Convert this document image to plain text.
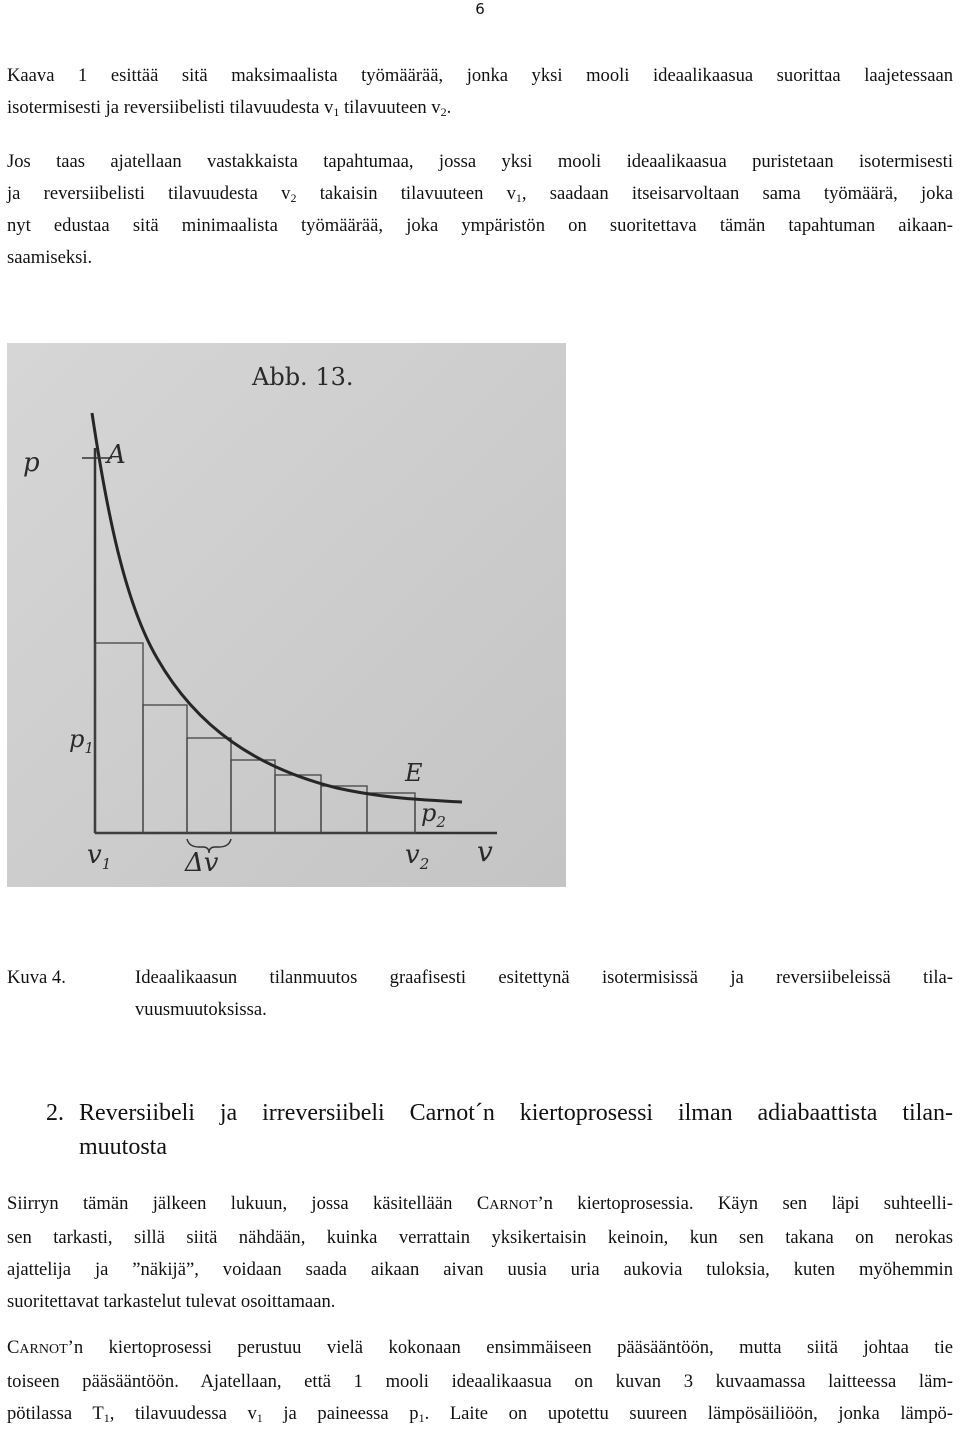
6
Kaava 1 esittää sitä maksimaalista työmäärää, jonka yksi mooli ideaalikaasua suorittaa laajetessaan
isotermisesti ja reversiibelisti tilavuudesta $v_1$ tilavuuteen $v_2$.
Jos taas ajatellaan vastakkaista tapahtumaa, jossa yksi mooli ideaalikaasua puristetaan isotermisesti
ja reversiibelisti tilavuudesta $v_2$ takaisin tilavuuteen $v_1$, saadaan itseisarvoltaan sama työmäärä, joka
nyt edustaa sitä minimaalista työmäärää, joka ympäristön on suoritettava tämän tapahtuman aikaan-
saamiseksi.
Abb. 13.
p	A
$p_1$
E
$p_2$
$v_1$	Δv	$v_2$ v
Kuva 4.	Ideaalikaasun tilanmuutos graafisesti esitettynä isotermisissä ja reversiibeleissä tila-
vuusmuutoksissa.
2. Reversiibeli ja irreversiibeli Carnot´n kiertoprosessi ilman adiabaattista tilan-
muutosta
Siirryn tämän jälkeen lukuun, jossa käsitellään CARNOT’n kiertoprosessia. Käyn sen läpi suhteelli-
sen tarkasti, sillä siitä nähdään, kuinka verrattain yksikertaisin keinoin, kun sen takana on nerokas
ajattelija ja ”näkijä”, voidaan saada aikaan aivan uusia uria aukovia tuloksia, kuten myöhemmin
suoritettavat tarkastelut tulevat osoittamaan.
CARNOT’n kiertoprosessi perustuu vielä kokonaan ensimmäiseen pääsääntöön, mutta siitä johtaa tie
toiseen pääsääntöön. Ajatellaan, että 1 mooli ideaalikaasua on kuvan 3 kuvaamassa laitteessa läm-
pötilassa $T_1$, tilavuudessa $v_1$ ja paineessa $p_1$. Laite on upotettu suureen lämpösäiliöön, jonka lämpö-
